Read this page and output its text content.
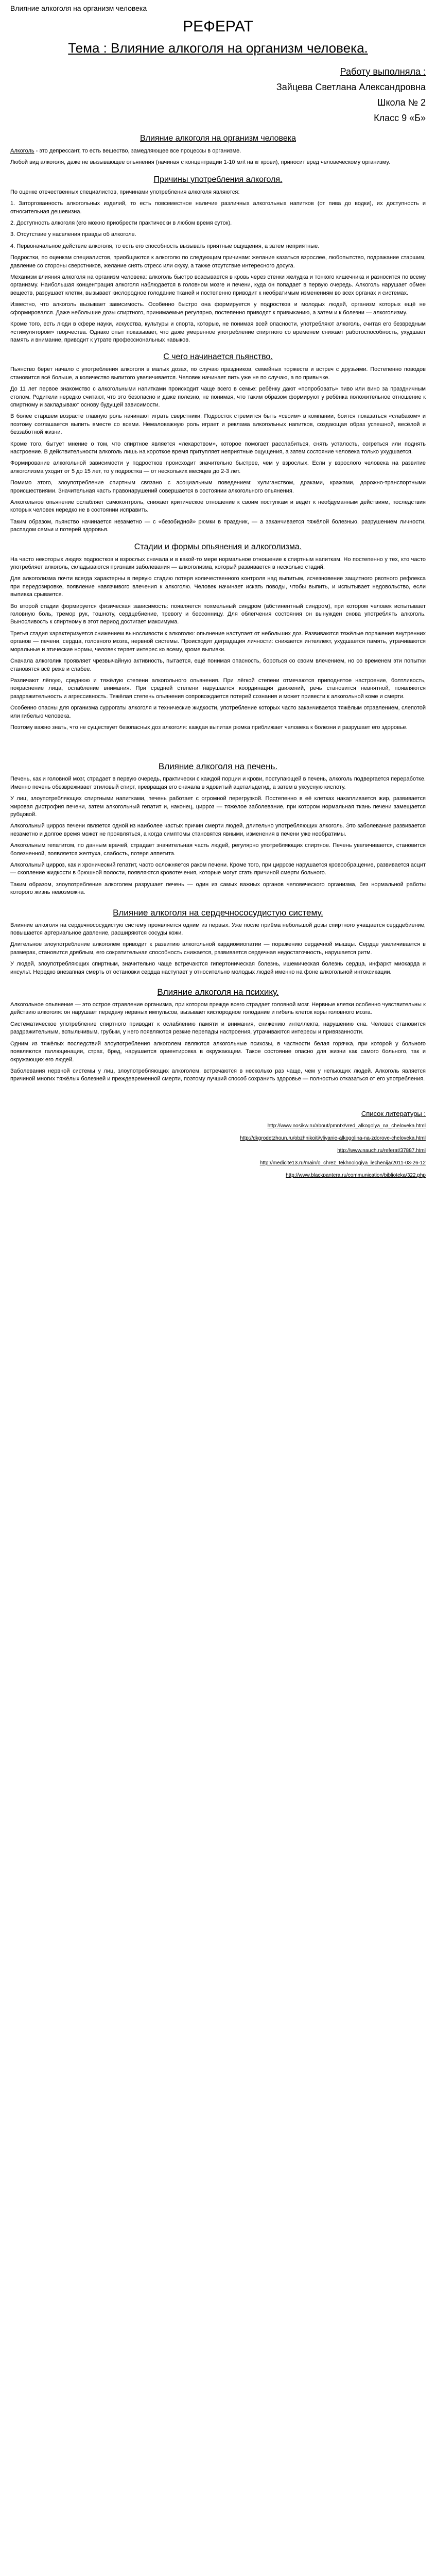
Влияние алкоголя на организм человека
РЕФЕРАТ
Тема : Влияние алкоголя на организм человека.
Работу выполняла :
Зайцева Светлана Александровна
Школа № 2
Класс 9 «Б»
Влияние алкоголя на организм человека

Алкоголь - это депрессант, то есть вещество, замедляющее все процессы в организме.

Любой вид алкоголя, даже не вызывающее опьянения (начиная с концентрации 1-10 мл\ на кг крови), приносит вред человеческому организму.

Причины употребления алкоголя.

По оценке отечественных специалистов, причинами употребления алкоголя являются:

1. Заторгованность алкогольных изделий, то есть повсеместное наличие различных алкогольных напитков (от пива до водки), их доступность и относительная дешевизна.

2. Доступность алкоголя (его можно приобрести практически в любом время суток).

3. Отсутствие у населения правды об алкоголе.

4. Первоначальное действие алкоголя, то есть его способность вызывать приятные ощущения, а затем неприятные.

Подростки, по оценкам специалистов, приобщаются к алкоголю по следующим причинам: желание казаться взрослее, любопытство, подражание старшим, давление со стороны сверстников, желание снять стресс или скуку, а также отсутствие интересного досуга.

Механизм влияния алкоголя на организм человека: алкоголь быстро всасывается в кровь через стенки желудка и тонкого кишечника и разносится по всему организму. Наибольшая концентрация алкоголя наблюдается в головном мозге и печени, куда он попадает в первую очередь. Алкоголь нарушает обмен веществ, разрушает клетки, вызывает кислородное голодание тканей и постепенно приводит к необратимым изменениям во всех органах и системах.

Известно, что алкоголь вызывает зависимость. Особенно быстро она формируется у подростков и молодых людей, организм которых ещё не сформировался. Даже небольшие дозы спиртного, принимаемые регулярно, постепенно приводят к привыканию, а затем и к болезни — алкоголизму.

Кроме того, есть люди в сфере науки, искусства, культуры и спорта, которые, не понимая всей опасности, употребляют алкоголь, считая его безвредным «стимулятором» творчества. Однако опыт показывает, что даже умеренное употребление спиртного со временем снижает работоспособность, ухудшает память и внимание, приводит к утрате профессиональных навыков.

С чего начинается пьянство.

Пьянство берет начало с употребления алкоголя в малых дозах, по случаю праздников, семейных торжеств и встреч с друзьями. Постепенно поводов становится всё больше, а количество выпитого увеличивается. Человек начинает пить уже не по случаю, а по привычке.

До 11 лет первое знакомство с алкогольными напитками происходит чаще всего в семье: ребёнку дают «попробовать» пиво или вино за праздничным столом. Родители нередко считают, что это безопасно и даже полезно, не понимая, что таким образом формируют у ребёнка положительное отношение к спиртному и закладывают основу будущей зависимости.

В более старшем возрасте главную роль начинают играть сверстники. Подросток стремится быть «своим» в компании, боится показаться «слабаком» и поэтому соглашается выпить вместе со всеми. Немаловажную роль играет и реклама алкогольных напитков, создающая образ успешной, весёлой и беззаботной жизни.

Кроме того, бытует мнение о том, что спиртное является «лекарством», которое помогает расслабиться, снять усталость, согреться или поднять настроение. В действительности алкоголь лишь на короткое время притупляет неприятные ощущения, а затем состояние человека только ухудшается.

Формирование алкогольной зависимости у подростков происходит значительно быстрее, чем у взрослых. Если у взрослого человека на развитие алкоголизма уходит от 5 до 15 лет, то у подростка — от нескольких месяцев до 2-3 лет.

Помимо этого, злоупотребление спиртным связано с асоциальным поведением: хулиганством, драками, кражами, дорожно-транспортными происшествиями. Значительная часть правонарушений совершается в состоянии алкогольного опьянения.

Алкогольное опьянение ослабляет самоконтроль, снижает критическое отношение к своим поступкам и ведёт к необдуманным действиям, последствия которых человек нередко не в состоянии исправить.

Таким образом, пьянство начинается незаметно — с «безобидной» рюмки в праздник, — а заканчивается тяжёлой болезнью, разрушением личности, распадом семьи и потерей здоровья.

Стадии и формы опьянения и алкоголизма.

На часто некоторых людях подростков и взрослых сначала и в какой-то мере нормальное отношение к спиртным напиткам. Но постепенно у тех, кто часто употребляет алкоголь, складываются признаки заболевания — алкоголизма, который развивается в несколько стадий.

Для алкоголизма почти всегда характерны в первую стадию потеря количественного контроля над выпитым, исчезновение защитного рвотного рефлекса при передозировке, появление навязчивого влечения к алкоголю. Человек начинает искать поводы, чтобы выпить, и испытывает недовольство, если выпивка срывается.

Во второй стадии формируется физическая зависимость: появляется похмельный синдром (абстинентный синдром), при котором человек испытывает головную боль, тремор рук, тошноту, сердцебиение, тревогу и бессонницу. Для облегчения состояния он вынужден снова употреблять алкоголь. Выносливость к спиртному в этот период достигает максимума.

Третья стадия характеризуется снижением выносливости к алкоголю: опьянение наступает от небольших доз. Развиваются тяжёлые поражения внутренних органов — печени, сердца, головного мозга, нервной системы. Происходит деградация личности: снижается интеллект, ухудшается память, утрачиваются моральные и этические нормы, человек теряет интерес ко всему, кроме выпивки.

Сначала алкоголик проявляет чрезвычайную активность, пытается, ещё понимая опасность, бороться со своим влечением, но со временем эти попытки становятся всё реже и слабее.

Различают лёгкую, среднюю и тяжёлую степени алкогольного опьянения. При лёгкой степени отмечаются приподнятое настроение, болтливость, покраснение лица, ослабление внимания. При средней степени нарушается координация движений, речь становится невнятной, появляются раздражительность и агрессивность. Тяжёлая степень опьянения сопровождается потерей сознания и может привести к алкогольной коме и смерти.

Особенно опасны для организма суррогаты алкоголя и технические жидкости, употребление которых часто заканчивается тяжёлым отравлением, слепотой или гибелью человека.

Поэтому важно знать, что не существует безопасных доз алкоголя: каждая выпитая рюмка приближает человека к болезни и разрушает его здоровье.

Влияние алкоголя на печень.

Печень, как и головной мозг, страдает в первую очередь, практически с каждой порции и крови, поступающей в печень, алкоголь подвергается переработке. Именно печень обезвреживает этиловый спирт, превращая его сначала в ядовитый ацетальдегид, а затем в уксусную кислоту.

У лиц, злоупотребляющих спиртными напитками, печень работает с огромной перегрузкой. Постепенно в её клетках накапливается жир, развивается жировая дистрофия печени, затем алкогольный гепатит и, наконец, цирроз — тяжёлое заболевание, при котором нормальная ткань печени замещается рубцовой.

Алкогольный цирроз печени является одной из наиболее частых причин смерти людей, длительно употребляющих алкоголь. Это заболевание развивается незаметно и долгое время может не проявляться, а когда симптомы становятся явными, изменения в печени уже необратимы.

Алкогольным гепатитом, по данным врачей, страдает значительная часть людей, регулярно употребляющих спиртное. Печень увеличивается, становится болезненной, появляется желтуха, слабость, потеря аппетита.

Алкогольный цирроз, как и хронический гепатит, часто осложняется раком печени. Кроме того, при циррозе нарушается кровообращение, развивается асцит — скопление жидкости в брюшной полости, появляются кровотечения, которые могут стать причиной смерти больного.

Таким образом, злоупотребление алкоголем разрушает печень — один из самых важных органов человеческого организма, без нормальной работы которого жизнь невозможна.

Влияние алкоголя на сердечнососудистую систему.

Влияние алкоголя на сердечнососудистую систему проявляется одним из первых. Уже после приёма небольшой дозы спиртного учащается сердцебиение, повышается артериальное давление, расширяются сосуды кожи.

Длительное злоупотребление алкоголем приводит к развитию алкогольной кардиомиопатии — поражению сердечной мышцы. Сердце увеличивается в размерах, становится дряблым, его сократительная способность снижается, развивается сердечная недостаточность, нарушается ритм.

У людей, злоупотребляющих спиртным, значительно чаще встречаются гипертоническая болезнь, ишемическая болезнь сердца, инфаркт миокарда и инсульт. Нередко внезапная смерть от остановки сердца наступает у относительно молодых людей именно на фоне алкогольной интоксикации.

Влияние алкоголя на психику.

Алкогольное опьянение — это острое отравление организма, при котором прежде всего страдает головной мозг. Нервные клетки особенно чувствительны к действию алкоголя: он нарушает передачу нервных импульсов, вызывает кислородное голодание и гибель клеток коры головного мозга.

Систематическое употребление спиртного приводит к ослаблению памяти и внимания, снижению интеллекта, нарушению сна. Человек становится раздражительным, вспыльчивым, грубым, у него появляются резкие перепады настроения, утрачиваются интересы и привязанности.

Одним из тяжёлых последствий злоупотребления алкоголем являются алкогольные психозы, в частности белая горячка, при которой у больного появляются галлюцинации, страх, бред, нарушается ориентировка в окружающем. Такое состояние опасно для жизни как самого больного, так и окружающих его людей.

Заболевания нервной системы у лиц, злоупотребляющих алкоголем, встречаются в несколько раз чаще, чем у непьющих людей. Алкоголь является причиной многих тяжёлых болезней и преждевременной смерти, поэтому лучший способ сохранить здоровье — полностью отказаться от его употребления.

Список литературы :
http://www.nosikw.ru/about/pmntx/vred_alkogolya_na_cheloveka.html
http://dkgrodetzhoun.ru/obzhnikoiti/vliyanie-alkogolina-na-zdorove-cheloveka.html
http://www.nauch.ru/referat/37887.html
http://medicite13.ru/main/o_chrez_tekhnologiya_lechenija/2011-03-26-12
http://www.blackpantera.ru/communication/biblioteka/322.php
